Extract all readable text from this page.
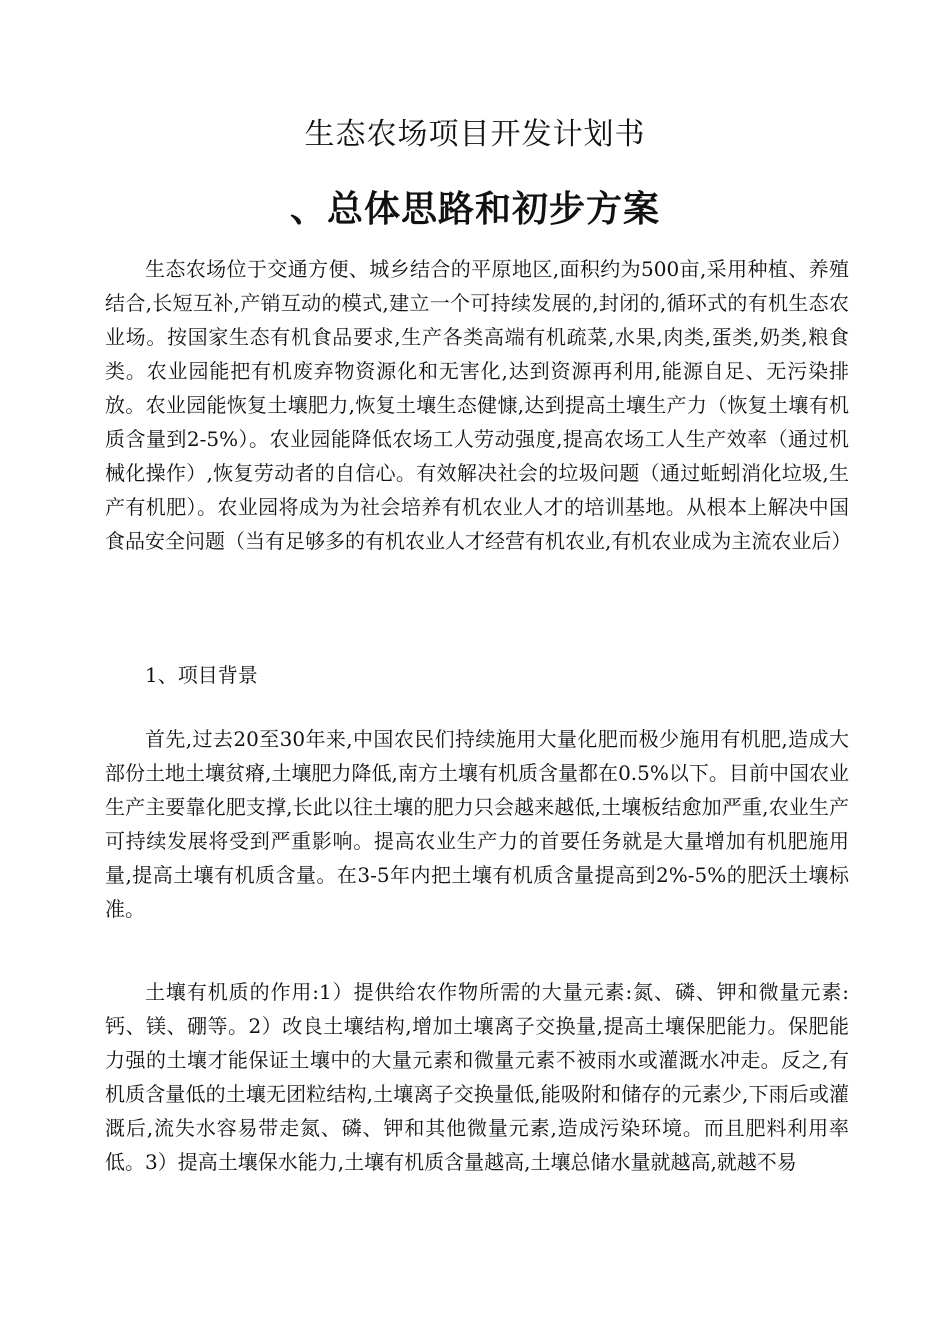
生态农场项目开发计划书
、总体思路和初步方案

生态农场位于交通方便、城乡结合的平原地区,面积约为500亩,采用种植、养殖结合,长短互补,产销互动的模式,建立一个可持续发展的,封闭的,循环式的有机生态农业场。按国家生态有机食品要求,生产各类高端有机疏菜,水果,肉类,蛋类,奶类,粮食类。农业园能把有机废弃物资源化和无害化,达到资源再利用,能源自足、无污染排放。农业园能恢复土壤肥力,恢复土壤生态健慷,达到提高土壤生产力（恢复土壤有机质含量到2-5%）。农业园能降低农场工人劳动强度,提高农场工人生产效率（通过机械化操作）,恢复劳动者的自信心。有效解决社会的垃圾问题（通过蚯蚓消化垃圾,生产有机肥）。农业园将成为为社会培养有机农业人才的培训基地。从根本上解决中国食品安全问题（当有足够多的有机农业人才经营有机农业,有机农业成为主流农业后）

1、项目背景

首先,过去20至30年来,中国农民们持续施用大量化肥而极少施用有机肥,造成大部份土地土壤贫瘠,土壤肥力降低,南方土壤有机质含量都在0.5%以下。目前中国农业生产主要靠化肥支撑,长此以往土壤的肥力只会越来越低,土壤板结愈加严重,农业生产可持续发展将受到严重影响。提高农业生产力的首要任务就是大量增加有机肥施用量,提高土壤有机质含量。在3-5年内把土壤有机质含量提高到2%-5%的肥沃土壤标准。

土壤有机质的作用:1）提供给农作物所需的大量元素:氮、磷、钾和微量元素:钙、镁、硼等。2）改良土壤结构,增加土壤离子交换量,提高土壤保肥能力。保肥能力强的土壤才能保证土壤中的大量元素和微量元素不被雨水或灌溉水冲走。反之,有机质含量低的土壤无团粒结构,土壤离子交换量低,能吸附和储存的元素少,下雨后或灌溉后,流失水容易带走氮、磷、钾和其他微量元素,造成污染环境。而且肥料利用率低。3）提高土壤保水能力,土壤有机质含量越高,土壤总储水量就越高,就越不易
